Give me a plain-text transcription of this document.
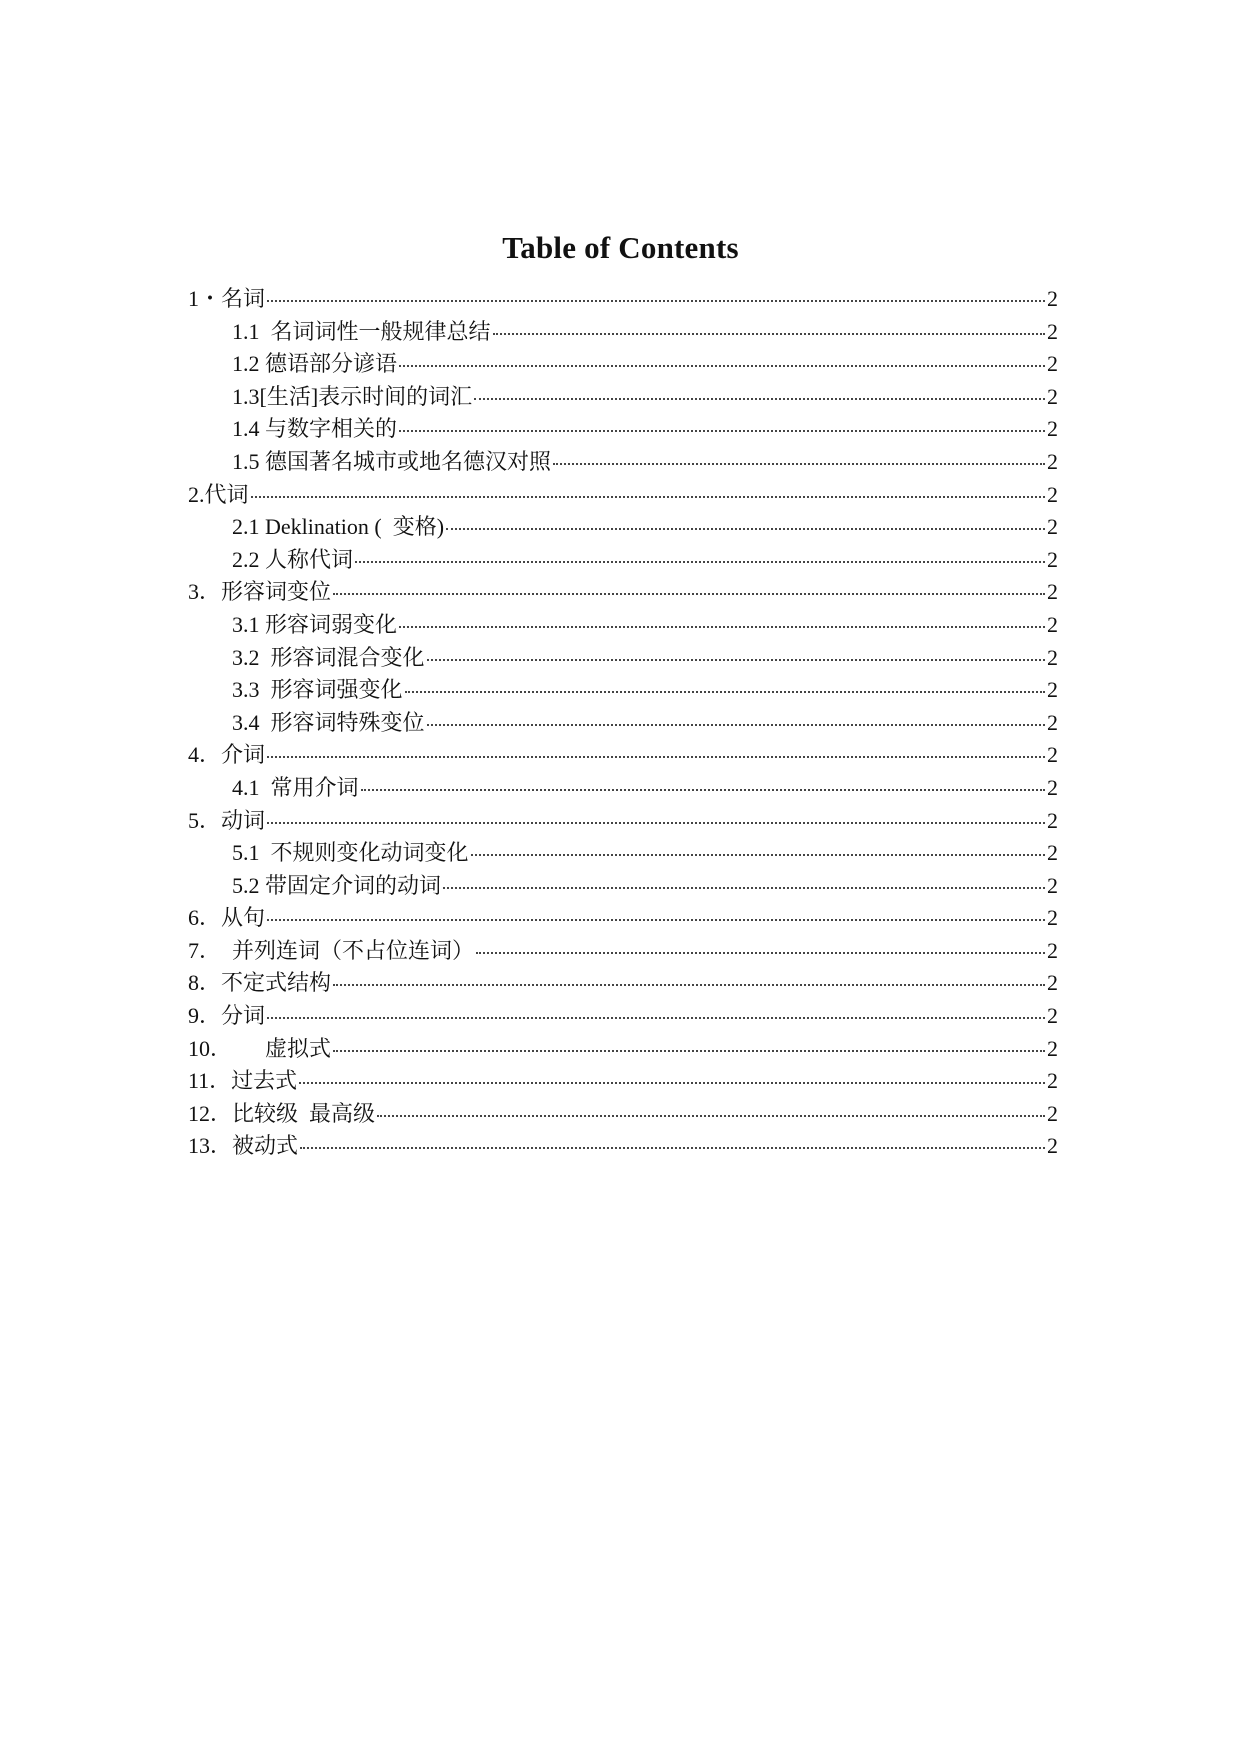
Table of Contents
1・名词	2
1.1  名词词性一般规律总结	2
1.2 德语部分谚语	2
1.3[生活]表示时间的词汇	2
1.4 与数字相关的	2
1.5 德国著名城市或地名德汉对照	2
2.代词	2
2.1 Deklination (  变格)	2
2.2 人称代词	2
3．形容词变位	2
3.1 形容词弱变化	2
3.2  形容词混合变化	2
3.3  形容词强变化	2
3.4  形容词特殊变位	2
4．介词	2
4.1  常用介词	2
5．动词	2
5.1  不规则变化动词变化	2
5.2 带固定介词的动词	2
6．从句	2
7．  并列连词（不占位连词）	2
8．不定式结构	2
9．分词	2
10．      虚拟式	2
11．过去式	2
12．比较级  最高级	2
13．被动式	2
